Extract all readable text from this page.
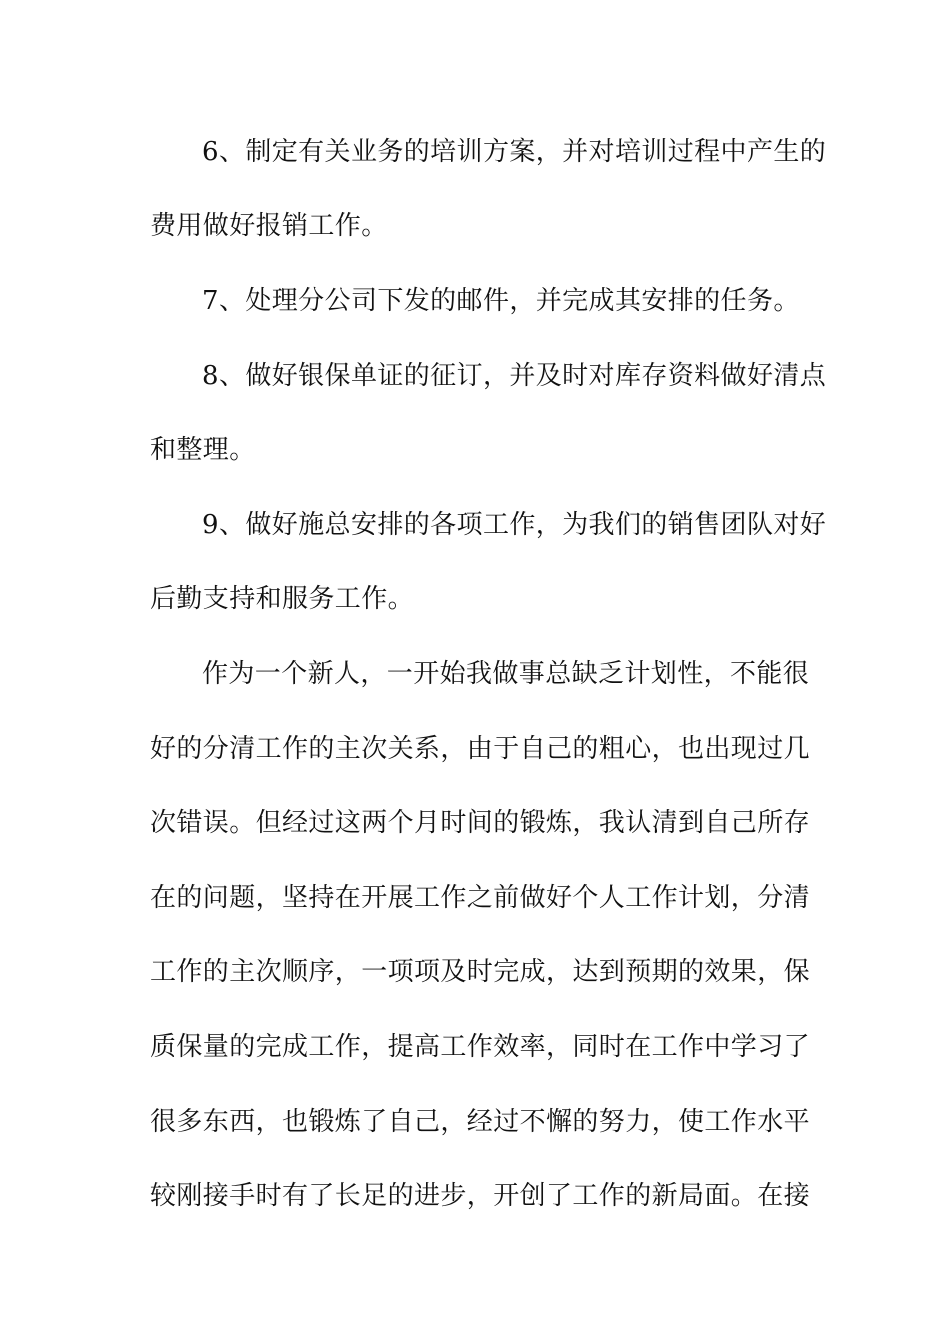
6、制定有关业务的培训方案，并对培训过程中产生的
费用做好报销工作。
7、处理分公司下发的邮件，并完成其安排的任务。
8、做好银保单证的征订，并及时对库存资料做好清点
和整理。
9、做好施总安排的各项工作，为我们的销售团队对好
后勤支持和服务工作。
作为一个新人，一开始我做事总缺乏计划性，不能很
好的分清工作的主次关系，由于自己的粗心，也出现过几
次错误。但经过这两个月时间的锻炼，我认清到自己所存
在的问题，坚持在开展工作之前做好个人工作计划，分清
工作的主次顺序，一项项及时完成，达到预期的效果，保
质保量的完成工作，提高工作效率，同时在工作中学习了
很多东西，也锻炼了自己，经过不懈的努力，使工作水平
较刚接手时有了长足的进步，开创了工作的新局面。在接
